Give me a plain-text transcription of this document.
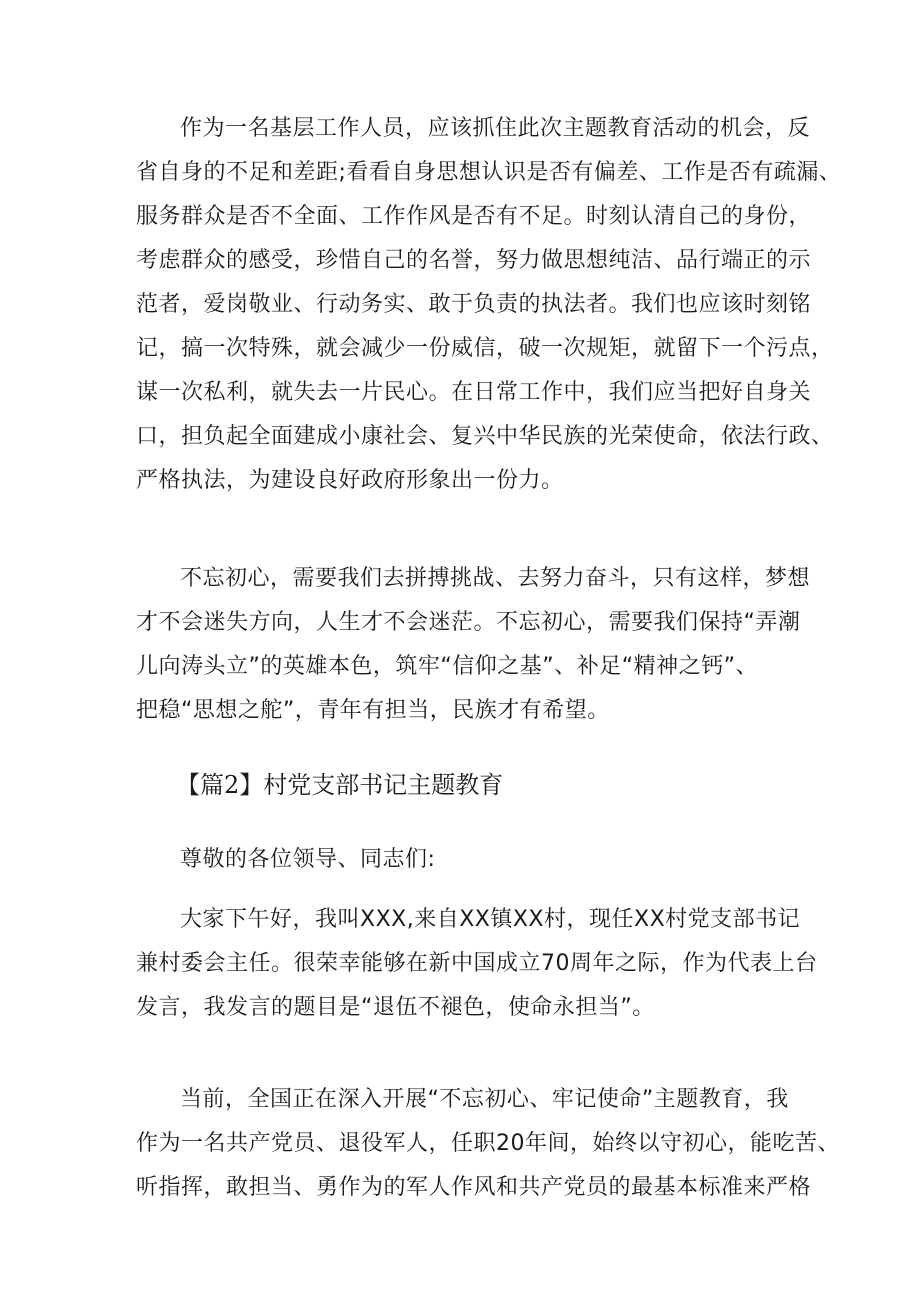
作为一名基层工作人员，应该抓住此次主题教育活动的机会，反
省自身的不足和差距;看看自身思想认识是否有偏差、工作是否有疏漏、
服务群众是否不全面、工作作风是否有不足。时刻认清自己的身份，
考虑群众的感受，珍惜自己的名誉，努力做思想纯洁、品行端正的示
范者，爱岗敬业、行动务实、敢于负责的执法者。我们也应该时刻铭
记，搞一次特殊，就会减少一份威信，破一次规矩，就留下一个污点，
谋一次私利，就失去一片民心。在日常工作中，我们应当把好自身关
口，担负起全面建成小康社会、复兴中华民族的光荣使命，依法行政、
严格执法，为建设良好政府形象出一份力。
不忘初心，需要我们去拼搏挑战、去努力奋斗，只有这样，梦想
才不会迷失方向，人生才不会迷茫。不忘初心，需要我们保持“弄潮
儿向涛头立”的英雄本色，筑牢“信仰之基”、补足“精神之钙”、
把稳“思想之舵”，青年有担当，民族才有希望。
【篇2】村党支部书记主题教育
尊敬的各位领导、同志们:
大家下午好，我叫XXX,来自XX镇XX村，现任XX村党支部书记
兼村委会主任。很荣幸能够在新中国成立70周年之际，作为代表上台
发言，我发言的题目是“退伍不褪色，使命永担当”。
当前，全国正在深入开展“不忘初心、牢记使命”主题教育，我
作为一名共产党员、退役军人，任职20年间，始终以守初心，能吃苦、
听指挥，敢担当、勇作为的军人作风和共产党员的最基本标准来严格
